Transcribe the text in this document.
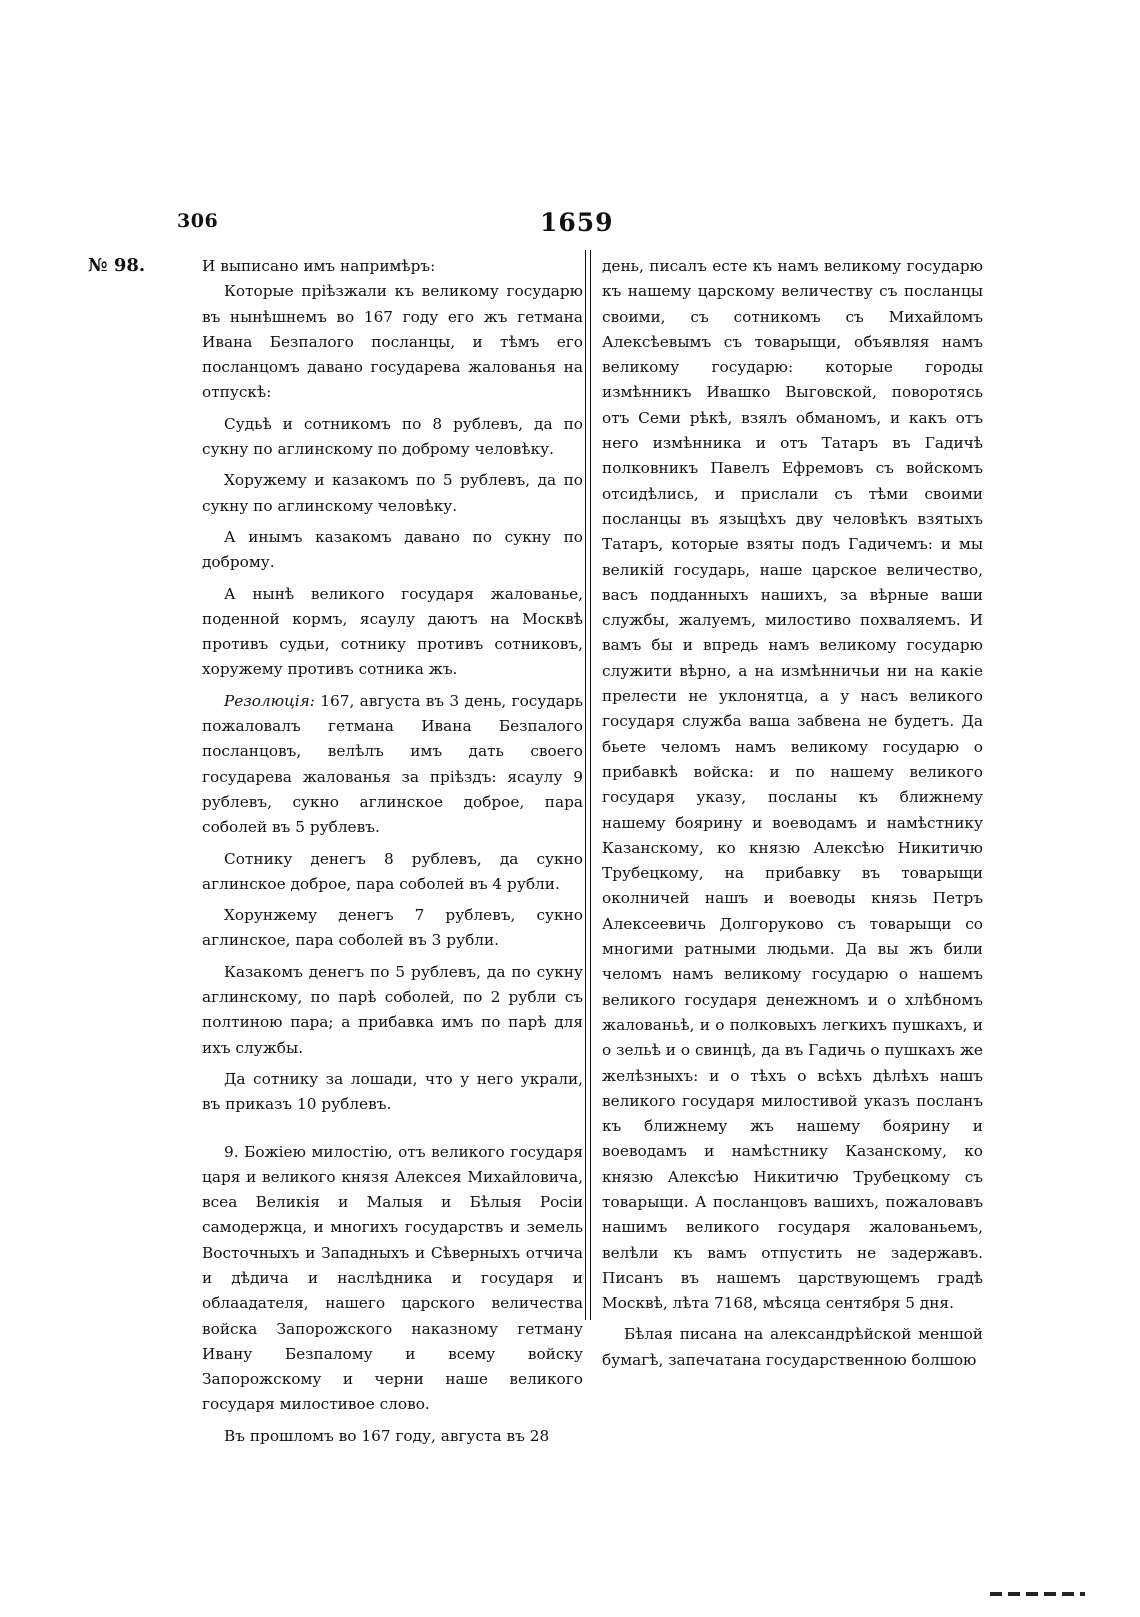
306	1659
№ 98.	И выписано имъ напримѣръ:

Которые пріѣзжали къ великому государю въ нынѣшнемъ во 167 году его жъ гетмана Ивана Безпалого посланцы, и тѣмъ его посланцомъ давано государева жалованья на отпускѣ:

Судьѣ и сотникомъ по 8 рублевъ, да по сукну по аглинскому по доброму человѣку.

Хоружему и казакомъ по 5 рублевъ, да по сукну по аглинскому человѣку.

А инымъ казакомъ давано по сукну по доброму.

А нынѣ великого государя жалованье, поденной кормъ, ясаулу даютъ на Москвѣ противъ судьи, сотнику противъ сотниковъ, хоружему противъ сотника жъ.

Резолюція: 167, августа въ 3 день, государь пожаловалъ гетмана Ивана Безпалого посланцовъ, велѣлъ имъ дать своего государева жалованья за пріѣздъ: ясаулу 9 рублевъ, сукно аглинское доброе, пара соболей въ 5 рублевъ.

Сотнику денегъ 8 рублевъ, да сукно аглинское доброе, пара соболей въ 4 рубли.

Хорунжему денегъ 7 рублевъ, сукно аглинское, пара соболей въ 3 рубли.

Казакомъ денегъ по 5 рублевъ, да по сукну аглинскому, по парѣ соболей, по 2 рубли съ полтиною пара; а прибавка имъ по парѣ для ихъ службы.

Да сотнику за лошади, что у него украли, въ приказъ 10 рублевъ.

9. Божіею милостію, отъ великого государя царя и великого князя Алексея Михайловича, всеа Великія и Малыя и Бѣлыя Росіи самодержца, и многихъ государствъ и земель Восточныхъ и Западныхъ и Сѣверныхъ отчича и дѣдича и наслѣдника и государя и облаадателя, нашего царского величества войска Запорожского наказному гетману Ивану Безпалому и всему войску Запорожскому и черни наше великого государя милостивое слово.

Въ прошломъ во 167 году, августа въ 28

день, писалъ есте къ намъ великому государю къ нашему царскому величеству съ посланцы своими, съ сотникомъ съ Михайломъ Алексѣевымъ съ товарыщи, объявляя намъ великому государю: которые городы измѣнникъ Ивашко Выговской, поворотясь отъ Семи рѣкѣ, взялъ обманомъ, и какъ отъ него измѣнника и отъ Татаръ въ Гадичѣ полковникъ Павелъ Ефремовъ съ войскомъ отсидѣлись, и прислали съ тѣми своими посланцы въ языцѣхъ дву человѣкъ взятыхъ Татаръ, которые взяты подъ Гадичемъ: и мы великій государь, наше царское величество, васъ подданныхъ нашихъ, за вѣрные ваши службы, жалуемъ, милостиво похваляемъ. И вамъ бы и впредь намъ великому государю служити вѣрно, а на измѣнничьи ни на какіе прелести не уклонятца, а у насъ великого государя служба ваша забвена не будетъ. Да бьете челомъ намъ великому государю о прибавкѣ войска: и по нашему великого государя указу, посланы къ ближнему нашему боярину и воеводамъ и намѣстнику Казанскому, ко князю Алексѣю Никитичю Трубецкому, на прибавку въ товарыщи околничей нашъ и воеводы князь Петръ Алексеевичь Долгоруково съ товарыщи со многими ратными людьми. Да вы жъ били челомъ намъ великому государю о нашемъ великого государя денежномъ и о хлѣбномъ жалованьѣ, и о полковыхъ легкихъ пушкахъ, и о зельѣ и о свинцѣ, да въ Гадичь о пушкахъ же желѣзныхъ: и о тѣхъ о всѣхъ дѣлѣхъ нашъ великого государя милостивой указъ посланъ къ ближнему жъ нашему боярину и воеводамъ и намѣстнику Казанскому, ко князю Алексѣю Никитичю Трубецкому съ товарыщи. А посланцовъ вашихъ, пожаловавъ нашимъ великого государя жалованьемъ, велѣли къ вамъ отпустить не задержавъ. Писанъ въ нашемъ царствующемъ градѣ Москвѣ, лѣта 7168, мѣсяца сентября 5 дня.

Бѣлая писана на александрѣйской меншой бумагѣ, запечатана государственною болшою
